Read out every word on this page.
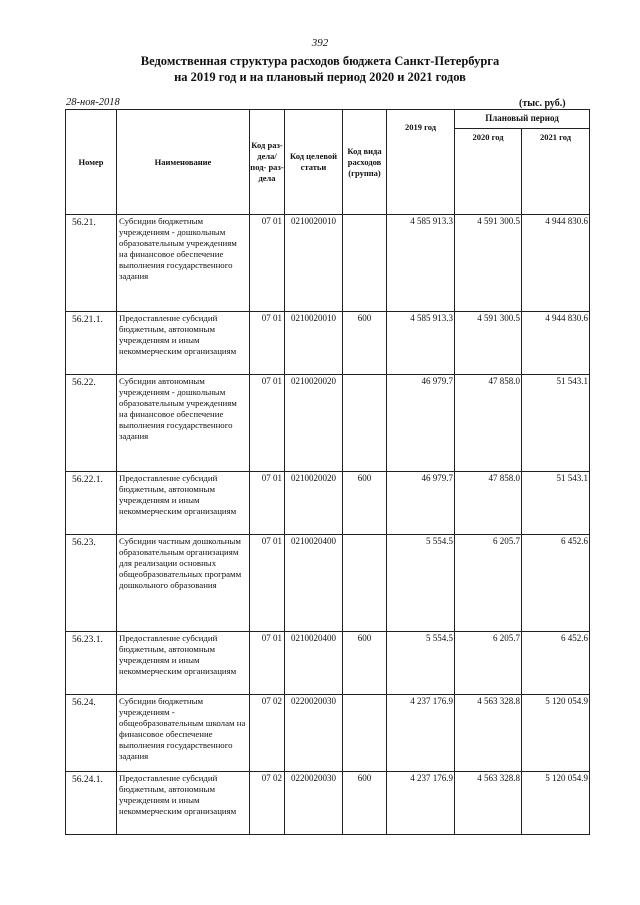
392
Ведомственная структура расходов бюджета Санкт-Петербурга
на 2019 год и на плановый период 2020 и 2021 годов
28-ноя-2018	(тыс. руб.)
Номер	Наименование	Код раз- дела/ под- раз- дела	Код целевой статьи	Код вида расходов (группа)	2019 год	Плановый период	
						2020 год	2021 год
56.21.	Субсидии бюджетным учреждениям - дошкольным образовательным учреждениям на финансовое обеспечение выполнения государственного задания	07 01	0210020010		4 585 913.3	4 591 300.5	4 944 830.6
56.21.1.	Предоставление субсидий бюджетным, автономным учреждениям и иным некоммерческим организациям	07 01	0210020010	600	4 585 913.3	4 591 300.5	4 944 830.6
56.22.	Субсидии автономным учреждениям - дошкольным образовательным учреждениям на финансовое обеспечение выполнения государственного задания	07 01	0210020020		46 979.7	47 858.0	51 543.1
56.22.1.	Предоставление субсидий бюджетным, автономным учреждениям и иным некоммерческим организациям	07 01	0210020020	600	46 979.7	47 858.0	51 543.1
56.23.	Субсидии частным дошкольным образовательным организациям для реализации основных общеобразовательных программ дошкольного образования	07 01	0210020400		5 554.5	6 205.7	6 452.6
56.23.1.	Предоставление субсидий бюджетным, автономным учреждениям и иным некоммерческим организациям	07 01	0210020400	600	5 554.5	6 205.7	6 452.6
56.24.	Субсидии бюджетным учреждениям - общеобразовательным школам на финансовое обеспечение выполнения государственного задания	07 02	0220020030		4 237 176.9	4 563 328.8	5 120 054.9
56.24.1.	Предоставление субсидий бюджетным, автономным учреждениям и иным некоммерческим организациям	07 02	0220020030	600	4 237 176.9	4 563 328.8	5 120 054.9
